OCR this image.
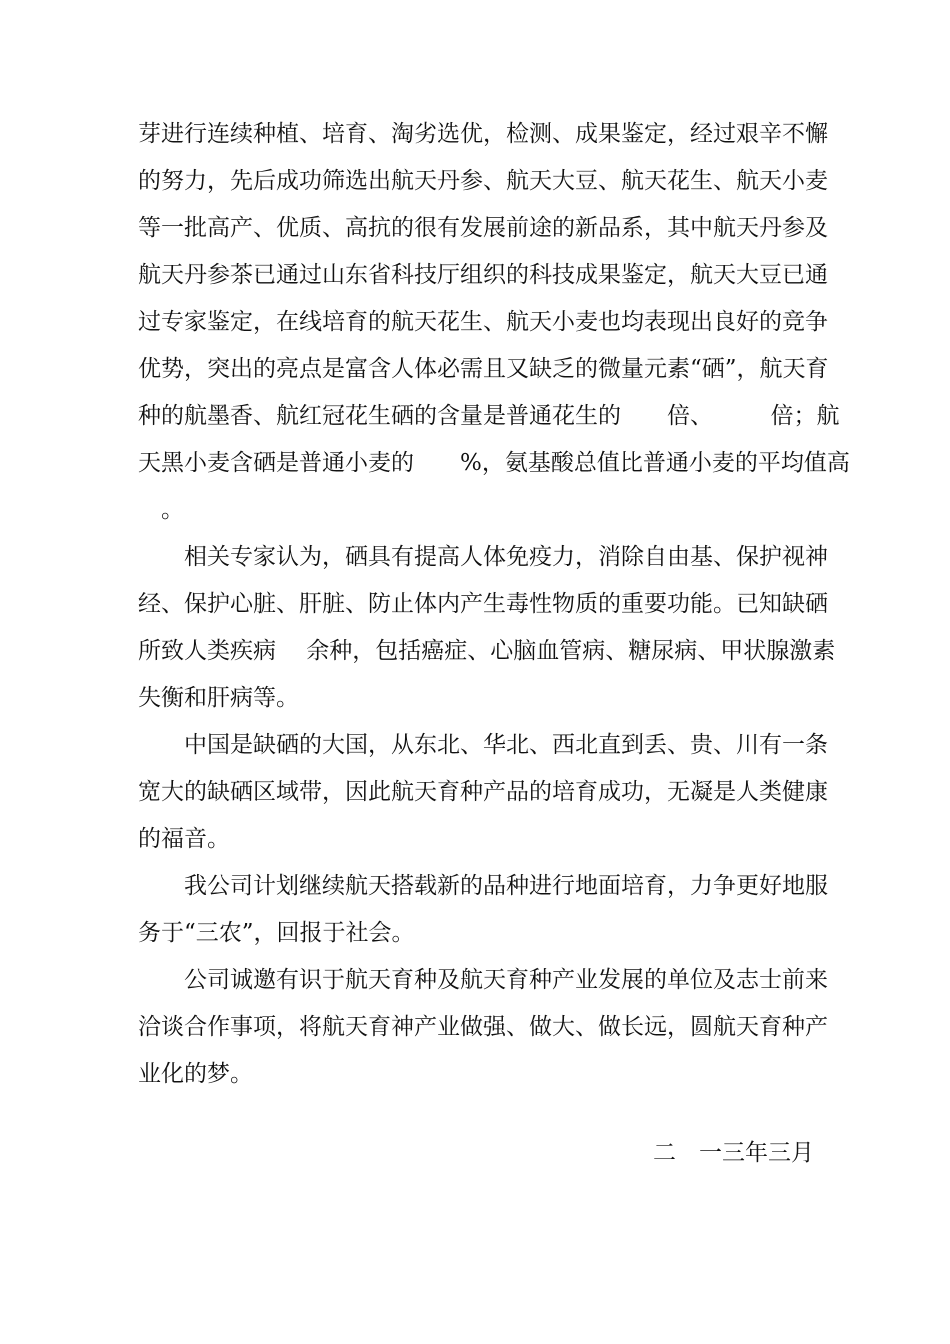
芽进行连续种植、培育、淘劣选优，检测、成果鉴定，经过艰辛不懈
的努力，先后成功筛选出航天丹参、航天大豆、航天花生、航天小麦
等一批高产、优质、高抗的很有发展前途的新品系，其中航天丹参及
航天丹参茶已通过山东省科技厅组织的科技成果鉴定，航天大豆已通
过专家鉴定，在线培育的航天花生、航天小麦也均表现出良好的竞争
优势，突出的亮点是富含人体必需且又缺乏的微量元素“硒”，航天育
种的航墨香、航红冠花生硒的含量是普通花生的　　倍、　　　倍；航
天黑小麦含硒是普通小麦的　　%，氨基酸总值比普通小麦的平均值高
　。
　　相关专家认为，硒具有提高人体免疫力，消除自由基、保护视神
经、保护心脏、肝脏、防止体内产生毒性物质的重要功能。已知缺硒
所致人类疾病　 余种，包括癌症、心脑血管病、糖尿病、甲状腺激素
失衡和肝病等。
　　中国是缺硒的大国，从东北、华北、西北直到丢、贵、川有一条
宽大的缺硒区域带，因此航天育种产品的培育成功，无凝是人类健康
的福音。
　　我公司计划继续航天搭载新的品种进行地面培育，力争更好地服
务于“三农”，回报于社会。
　　公司诚邀有识于航天育种及航天育种产业发展的单位及志士前来
洽谈合作事项，将航天育神产业做强、做大、做长远，圆航天育种产
业化的梦。
二　一三年三月
